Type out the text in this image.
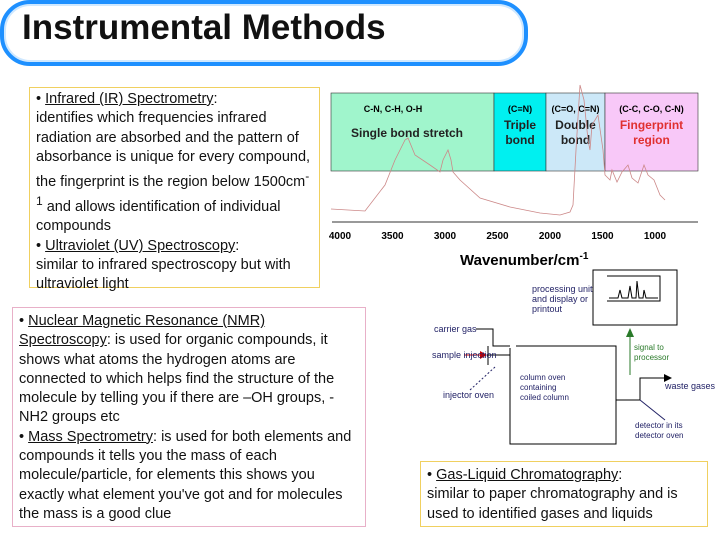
Instrumental Methods
• Infrared (IR) Spectrometry:
identifies which frequencies infrared radiation are absorbed and the pattern of absorbance is unique for every compound, the fingerprint is the region below $1500cm^{-1}$ and allows identification of individual compounds
• Ultraviolet (UV) Spectroscopy:
similar to infrared spectroscopy but with ultraviolet light
• Nuclear Magnetic Resonance (NMR) Spectroscopy: is used for organic compounds, it shows what atoms the hydrogen atoms are connected to which helps find the structure of the molecule by telling you if there are –OH groups, -NH2 groups etc
• Mass Spectrometry: is used for both elements and compounds it tells you the mass of each molecule/particle, for elements this shows you exactly what element you've got and for molecules the mass is a good clue
• Gas-Liquid Chromatography:
similar to paper chromatography and is used to identified gases and liquids
C-N, C-H, O-H
Single bond stretch
(C≡N)
Triple bond
(C=O, C=N)
Double bond
(C-C, C-O, C-N)
Fingerprint region
4000	3500	3000	2500	2000	1500	1000
Wavenumber/$cm^{-1}$
processing unit and display or printout
carrier gas
sample injection
injector oven
column oven containing coiled column
signal to processor
waste gases
detector in its detector oven
